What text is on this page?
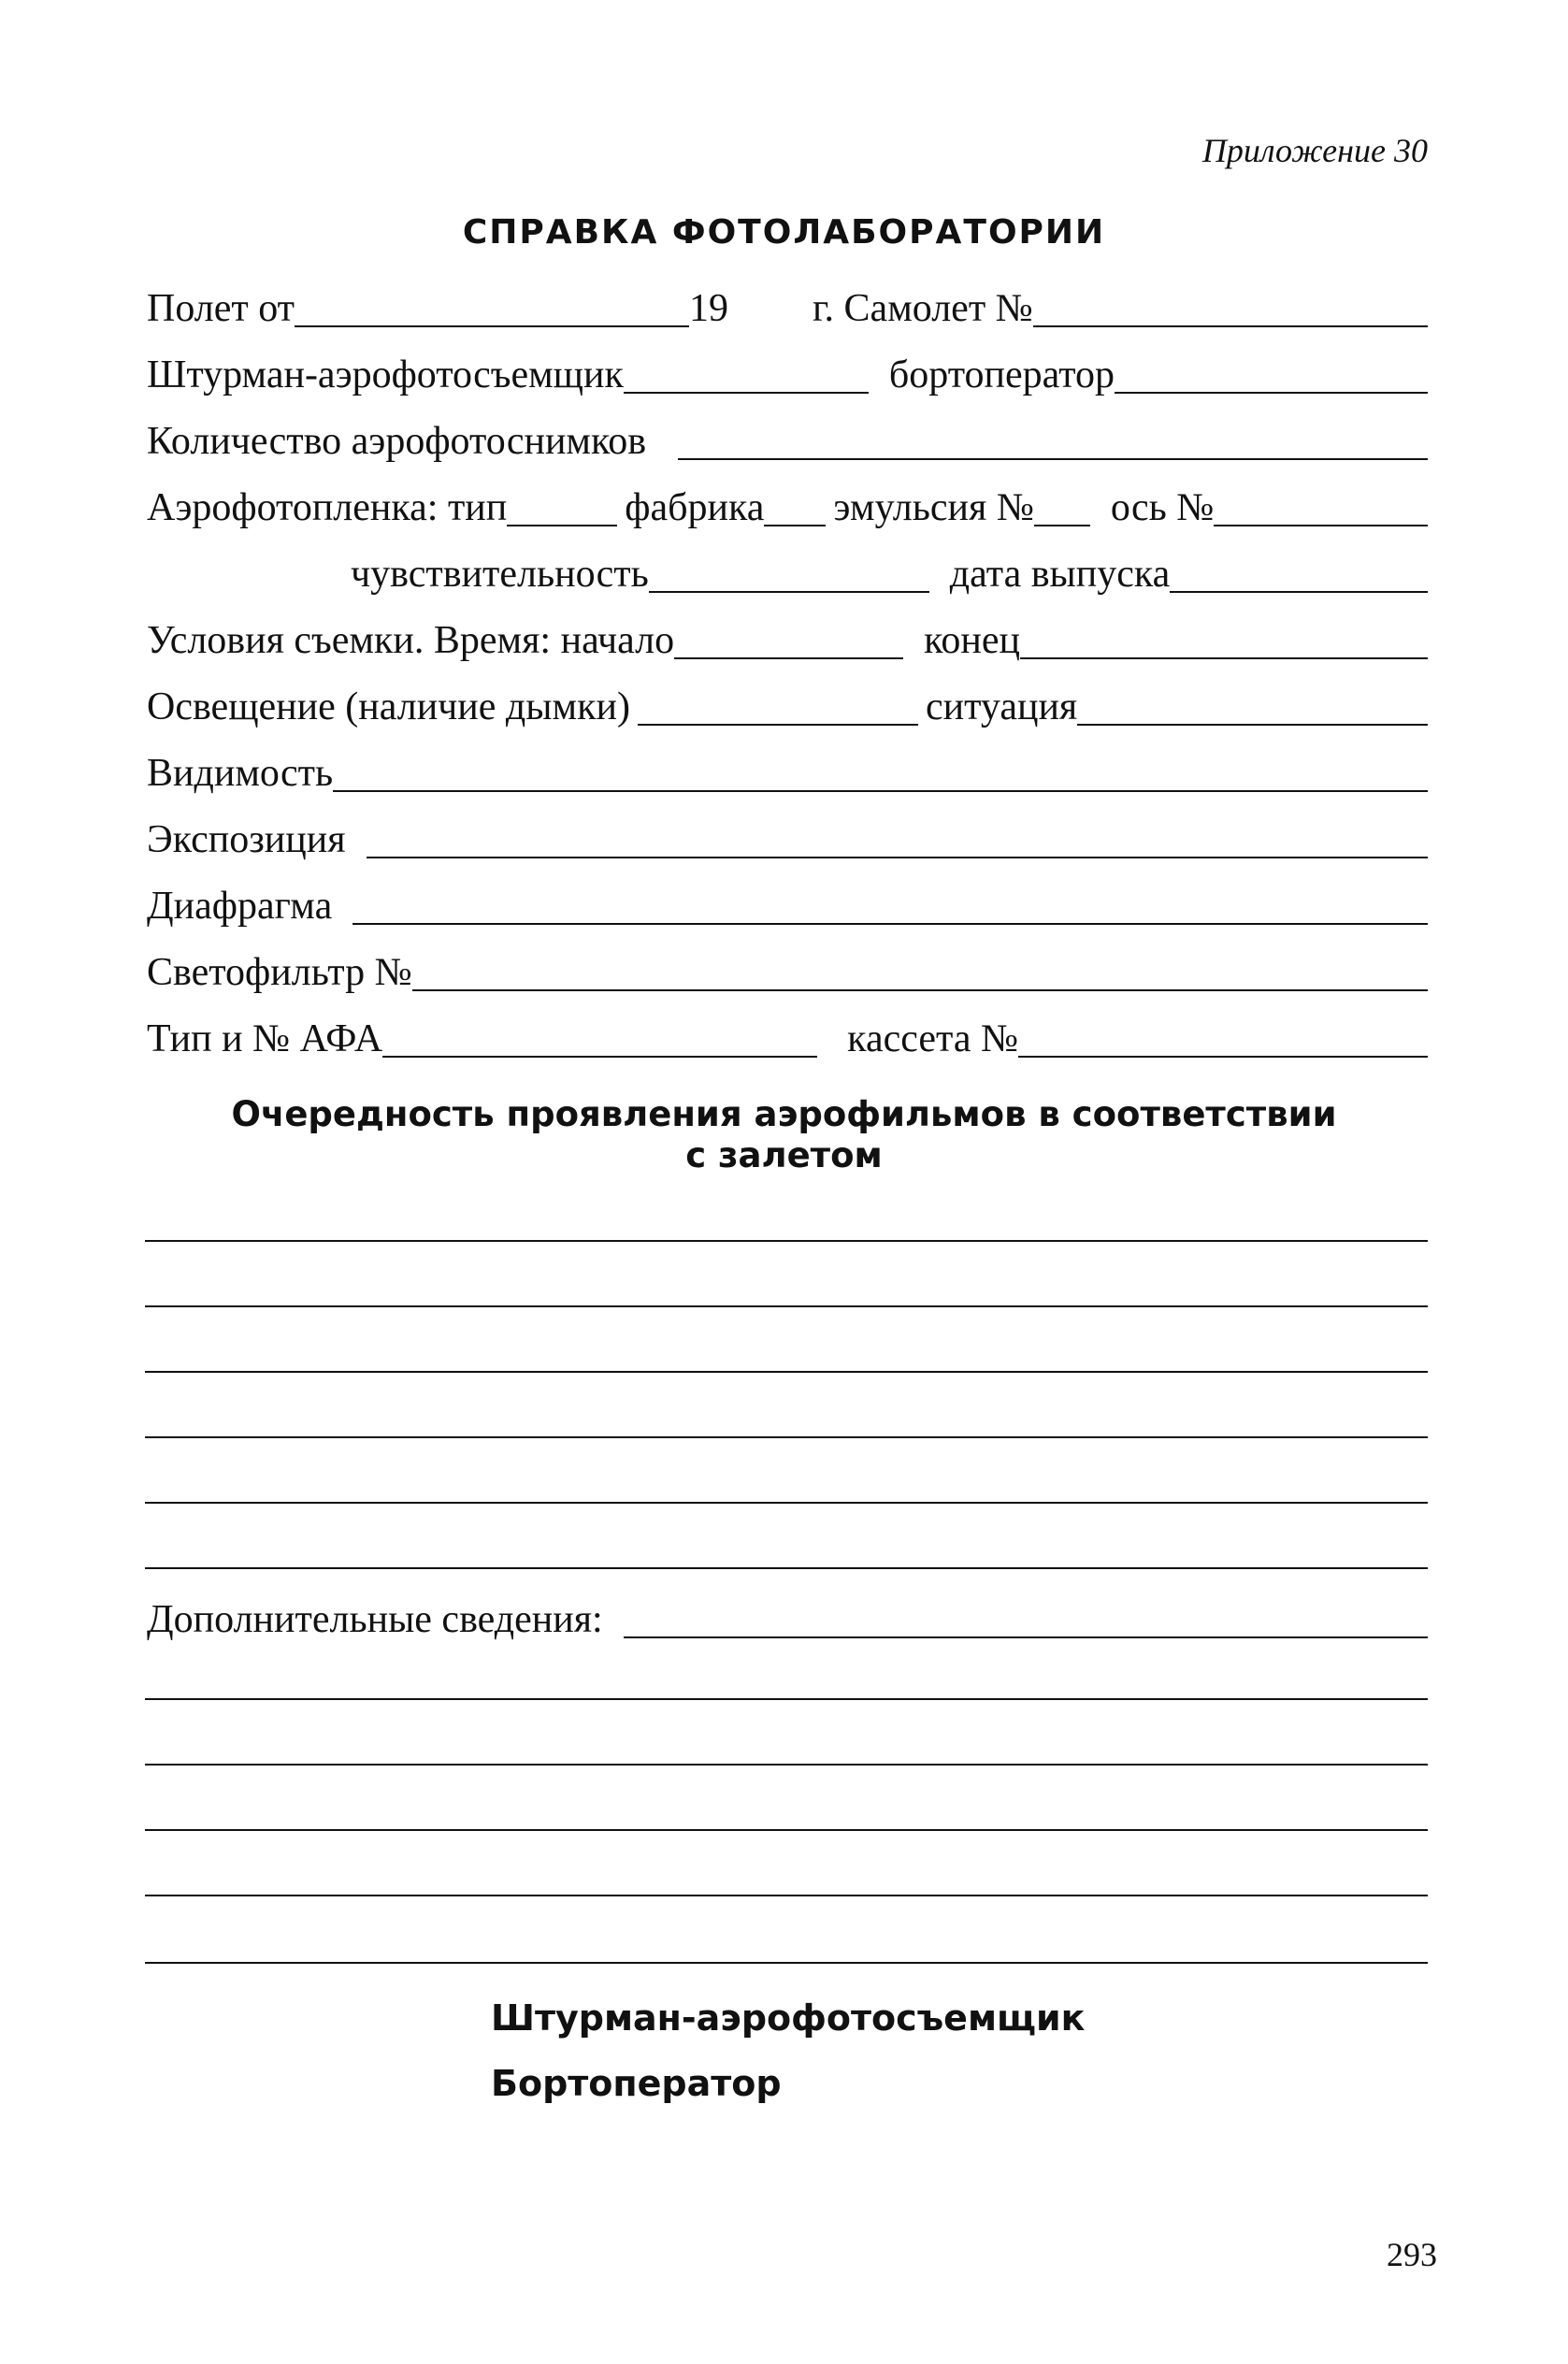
Приложение 30
СПРАВКА ФОТОЛАБОРАТОРИИ
Полет от	19 г. Самолет №
Штурман-аэрофотосъемщик	бортоператор
Количество аэрофотоснимков
Аэрофотопленка: тип	фабрика эмульсия № ось №
чувствительность	дата выпуска
Условия съемки. Время: начало	конец
Освещение (наличие дымки)	ситуация
Видимость
Экспозиция
Диафрагма
Светофильтр №
Тип и № АФА	кассета №
Очередность проявления аэрофильмов в соответствии
с залетом
Дополнительные сведения:
Штурман-аэрофотосъемщик
Бортоператор
293
